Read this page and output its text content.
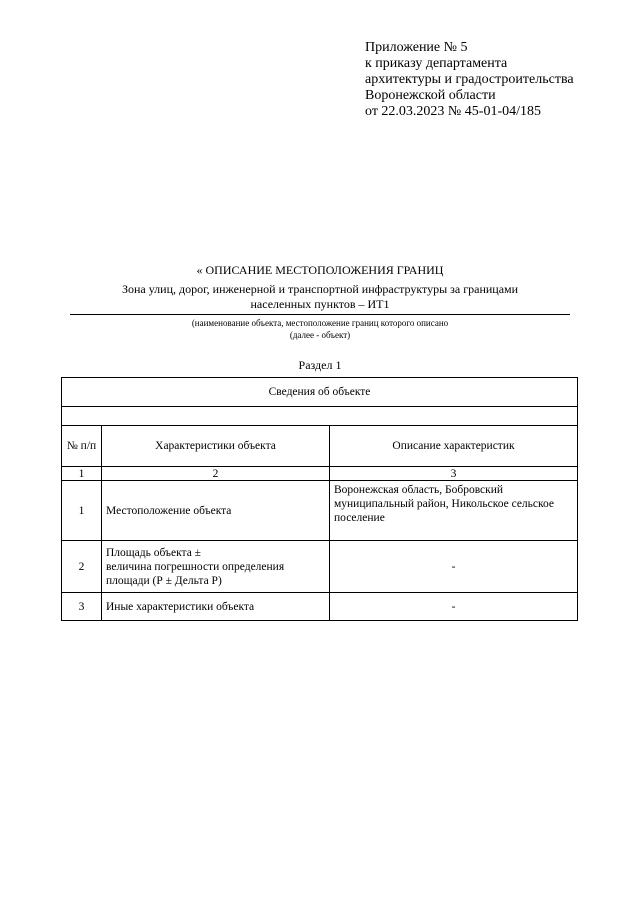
Приложение № 5
к приказу департамента
архитектуры и градостроительства
Воронежской области
от 22.03.2023 № 45-01-04/185
« ОПИСАНИЕ МЕСТОПОЛОЖЕНИЯ ГРАНИЦ
Зона улиц, дорог, инженерной и транспортной инфраструктуры за границами
населенных пунктов – ИТ1
(наименование объекта, местоположение границ которого описано
(далее - объект)
Раздел 1
Сведения об объекте		

№ п/п	Характеристики объекта	Описание характеристик
1	2	3
1	Местоположение объекта	Воронежская область, Бобровский муниципальный район, Никольское сельское поселение
2	Площадь объекта ±
величина погрешности определения
площади (Р ± Дельта Р)	-
3	Иные характеристики объекта	-
